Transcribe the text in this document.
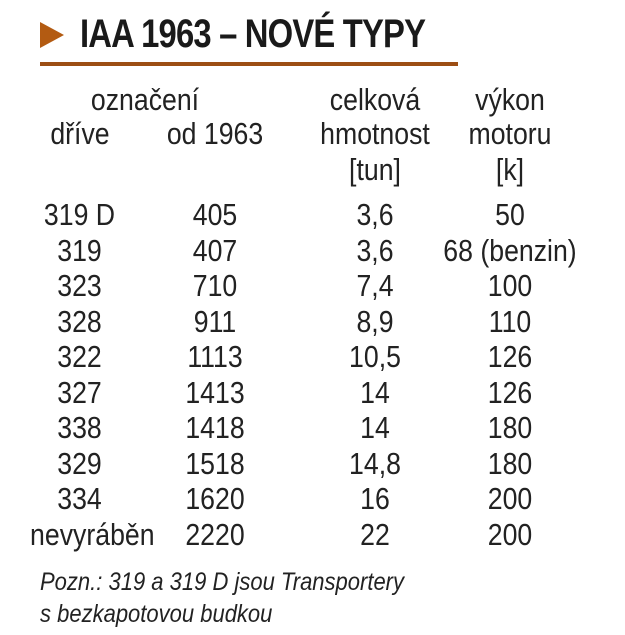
IAA 1963 – NOVÉ TYPY
označení
dříve	od 1963
celková
hmotnost
[tun]
výkon
motoru
[k]
319 D	405	3,6	50
319	407	3,6	68 (benzin)
323	710	7,4	100
328	911	8,9	110
322	1113	10,5	126
327	1413	14	126
338	1418	14	180
329	1518	14,8	180
334	1620	16	200
nevyráběn 2220	22	200
Pozn.: 319 a 319 D jsou Transportery
s bezkapotovou budkou
